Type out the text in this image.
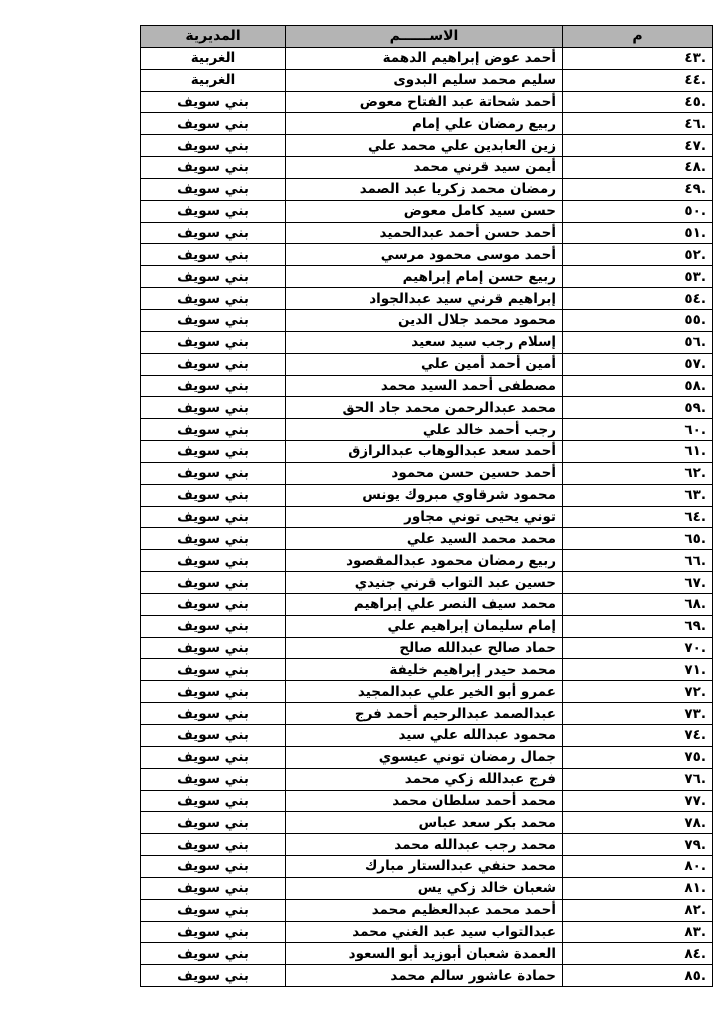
م	الاســــــم	المديرية
.٤٣	أحمد عوض إبراهيم الدهمة	الغربية
.٤٤	سليم محمد سليم البدوى	الغربية
.٤٥	أحمد شحاتة عبد الفتاح معوض	بني سويف
.٤٦	ربيع رمضان علي إمام	بني سويف
.٤٧	زين العابدين علي محمد علي	بني سويف
.٤٨	أيمن سيد قرني محمد	بني سويف
.٤٩	رمضان محمد زكريا عبد الصمد	بني سويف
.٥٠	حسن سيد كامل معوض	بني سويف
.٥١	أحمد حسن أحمد عبدالحميد	بني سويف
.٥٢	أحمد موسى محمود مرسي	بني سويف
.٥٣	ربيع حسن إمام إبراهيم	بني سويف
.٥٤	إبراهيم قرني سيد عبدالجواد	بني سويف
.٥٥	محمود محمد جلال الدين	بني سويف
.٥٦	إسلام رجب سيد سعيد	بني سويف
.٥٧	أمين أحمد أمين علي	بني سويف
.٥٨	مصطفى أحمد السيد محمد	بني سويف
.٥٩	محمد عبدالرحمن محمد جاد الحق	بني سويف
.٦٠	رجب أحمد خالد علي	بني سويف
.٦١	أحمد سعد عبدالوهاب عبدالرازق	بني سويف
.٦٢	أحمد حسين حسن محمود	بني سويف
.٦٣	محمود شرقاوي مبروك يونس	بني سويف
.٦٤	توني يحيى توني مجاور	بني سويف
.٦٥	محمد محمد السيد علي	بني سويف
.٦٦	ربيع رمضان محمود عبدالمقصود	بني سويف
.٦٧	حسين عبد التواب قرني جنيدي	بني سويف
.٦٨	محمد سيف النصر علي إبراهيم	بني سويف
.٦٩	إمام سليمان إبراهيم علي	بني سويف
.٧٠	حماد صالح عبدالله صالح	بني سويف
.٧١	محمد حيدر إبراهيم خليفة	بني سويف
.٧٢	عمرو أبو الخير علي عبدالمجيد	بني سويف
.٧٣	عبدالصمد عبدالرحيم أحمد فرج	بني سويف
.٧٤	محمود عبدالله علي سيد	بني سويف
.٧٥	جمال رمضان توني عيسوي	بني سويف
.٧٦	فرج عبدالله زكي محمد	بني سويف
.٧٧	محمد أحمد سلطان محمد	بني سويف
.٧٨	محمد بكر سعد عباس	بني سويف
.٧٩	محمد رجب عبدالله محمد	بني سويف
.٨٠	محمد حنفي عبدالستار مبارك	بني سويف
.٨١	شعبان خالد زكي يس	بني سويف
.٨٢	أحمد محمد عبدالعظيم محمد	بني سويف
.٨٣	عبدالتواب سيد عبد الغني محمد	بني سويف
.٨٤	العمدة شعبان أبوزيد أبو السعود	بني سويف
.٨٥	حمادة عاشور سالم محمد	بني سويف
